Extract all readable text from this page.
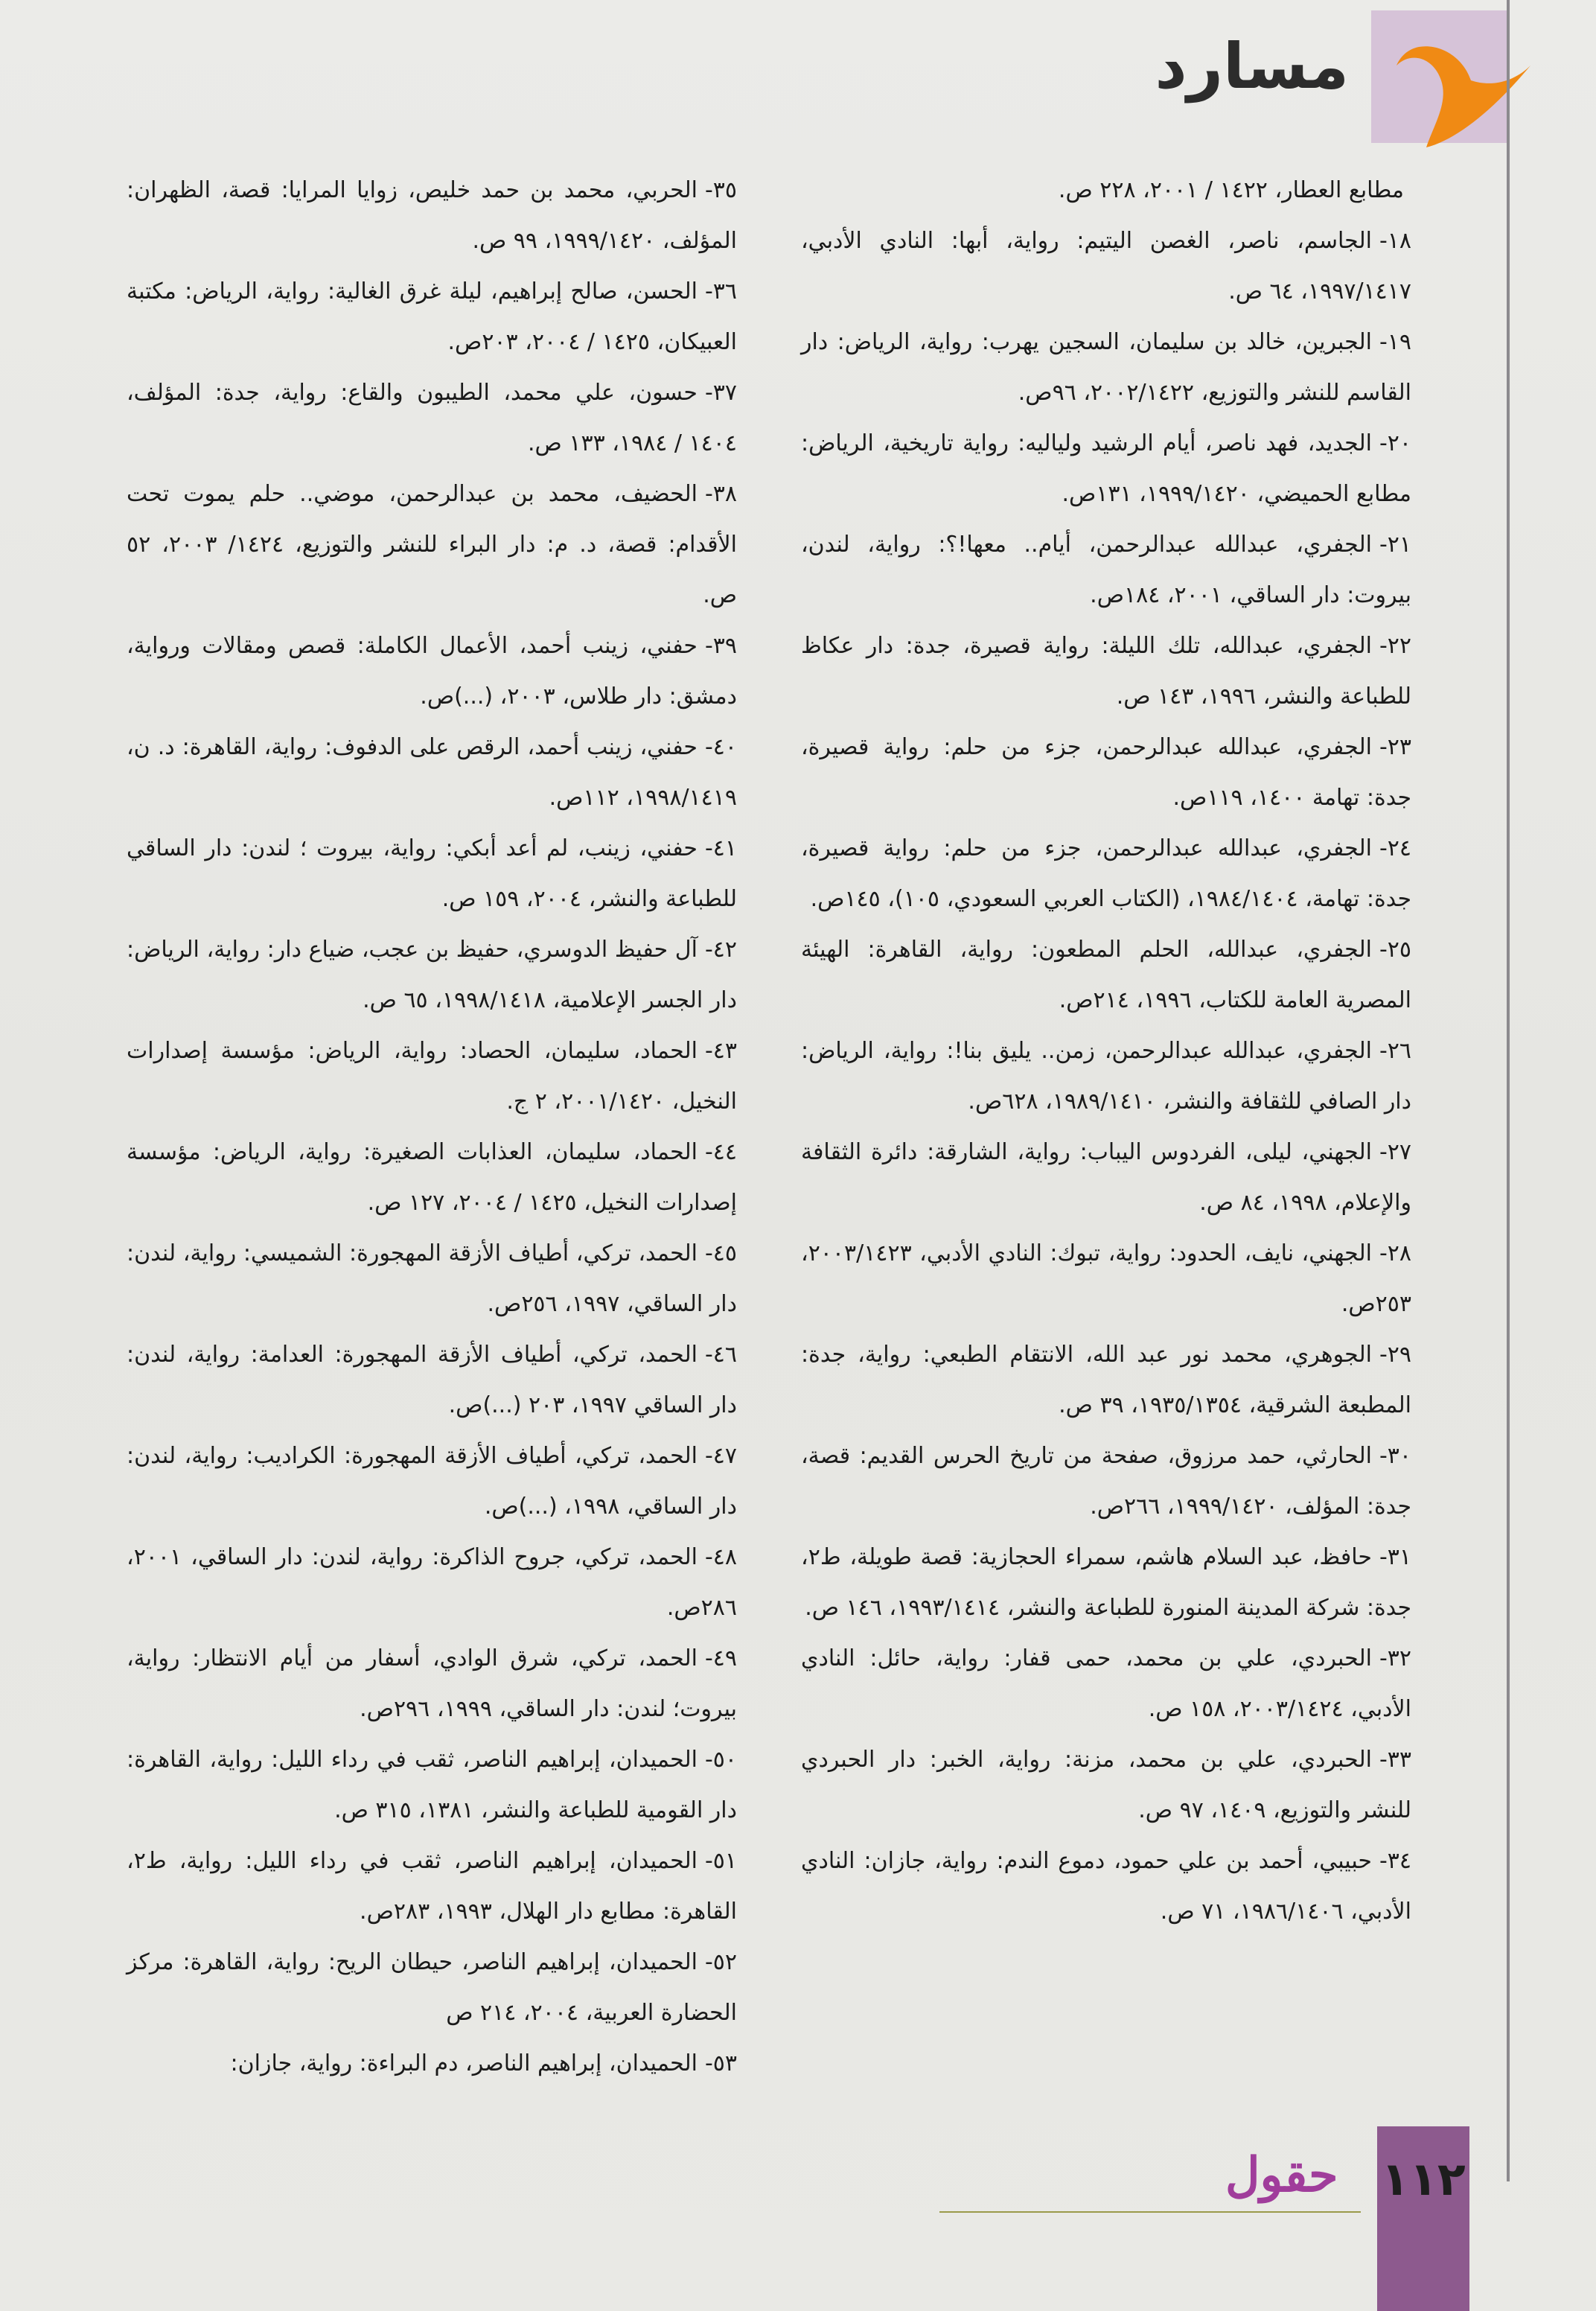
مسارد

مطابع العطار، ١٤٢٢ / ٢٠٠١، ٢٢٨ ص.

١٨-الجاسم، ناصر، الغصن اليتيم: رواية، أبها: النادي الأدبي، ١٩٩٧/١٤١٧، ٦٤ ص.

١٩-الجبرين، خالد بن سليمان، السجين يهرب: رواية، الرياض: دار القاسم للنشر والتوزيع، ٢٠٠٢/١٤٢٢، ٩٦ص.

٢٠-الجديد، فهد ناصر، أيام الرشيد ولياليه: رواية تاريخية، الرياض: مطابع الحميضي، ١٩٩٩/١٤٢٠، ١٣١ص.

٢١-الجفري، عبدالله عبدالرحمن، أيام.. معها!؟: رواية، لندن، بيروت: دار الساقي، ٢٠٠١، ١٨٤ص.

٢٢-الجفري، عبدالله، تلك الليلة: رواية قصيرة، جدة: دار عكاظ للطباعة والنشر، ١٩٩٦، ١٤٣ ص.

٢٣-الجفري، عبدالله عبدالرحمن، جزء من حلم: رواية قصيرة، جدة: تهامة ١٤٠٠، ١١٩ص.

٢٤-الجفري، عبدالله عبدالرحمن، جزء من حلم: رواية قصيرة، جدة: تهامة، ١٩٨٤/١٤٠٤، (الكتاب العربي السعودي، ١٠٥)، ١٤٥ص.

٢٥-الجفري، عبدالله، الحلم المطعون: رواية، القاهرة: الهيئة المصرية العامة للكتاب، ١٩٩٦، ٢١٤ص.

٢٦-الجفري، عبدالله عبدالرحمن، زمن.. يليق بنا!: رواية، الرياض: دار الصافي للثقافة والنشر، ١٩٨٩/١٤١٠، ٦٢٨ص.

٢٧-الجهني، ليلى، الفردوس اليباب: رواية، الشارقة: دائرة الثقافة والإعلام، ١٩٩٨، ٨٤ ص.

٢٨-الجهني، نايف، الحدود: رواية، تبوك: النادي الأدبي، ٢٠٠٣/١٤٢٣، ٢٥٣ص.

٢٩-الجوهري، محمد نور عبد الله، الانتقام الطبعي: رواية، جدة: المطبعة الشرقية، ١٩٣٥/١٣٥٤، ٣٩ ص.

٣٠-الحارثي، حمد مرزوق، صفحة من تاريخ الحرس القديم: قصة، جدة: المؤلف، ١٩٩٩/١٤٢٠، ٢٦٦ص.

٣١-حافظ، عبد السلام هاشم، سمراء الحجازية: قصة طويلة، ط٢، جدة: شركة المدينة المنورة للطباعة والنشر، ١٩٩٣/١٤١٤، ١٤٦ ص.

٣٢-الحبردي، علي بن محمد، حمى قفار: رواية، حائل: النادي الأدبي، ٢٠٠٣/١٤٢٤، ١٥٨ ص.

٣٣-الحبردي، علي بن محمد، مزنة: رواية، الخبر: دار الحبردي للنشر والتوزيع، ١٤٠٩، ٩٧ ص.

٣٤-حبيبي، أحمد بن علي حمود، دموع الندم: رواية، جازان: النادي الأدبي، ١٩٨٦/١٤٠٦، ٧١ ص.

٣٥-الحربي، محمد بن حمد خليص، زوايا المرايا: قصة، الظهران: المؤلف، ١٩٩٩/١٤٢٠، ٩٩ ص.

٣٦-الحسن، صالح إبراهيم، ليلة غرق الغالية: رواية، الرياض: مكتبة العبيكان، ١٤٢٥ / ٢٠٠٤، ٢٠٣ص.

٣٧-حسون، علي محمد، الطيبون والقاع: رواية، جدة: المؤلف، ١٤٠٤ / ١٩٨٤، ١٣٣ ص.

٣٨-الحضيف، محمد بن عبدالرحمن، موضي.. حلم يموت تحت الأقدام: قصة، د. م: دار البراء للنشر والتوزيع، ١٤٢٤/ ٢٠٠٣، ٥٢ ص.

٣٩-حفني، زينب أحمد، الأعمال الكاملة: قصص ومقالات ورواية، دمشق: دار طلاس، ٢٠٠٣، (...)ص.

٤٠-حفني، زينب أحمد، الرقص على الدفوف: رواية، القاهرة: د. ن، ١٩٩٨/١٤١٩، ١١٢ص.

٤١-حفني، زينب، لم أعد أبكي: رواية، بيروت ؛ لندن: دار الساقي للطباعة والنشر، ٢٠٠٤، ١٥٩ ص.

٤٢-آل حفيظ الدوسري، حفيظ بن عجب، ضياع دار: رواية، الرياض: دار الجسر الإعلامية، ١٩٩٨/١٤١٨، ٦٥ ص.

٤٣-الحماد، سليمان، الحصاد: رواية، الرياض: مؤسسة إصدارات النخيل، ٢٠٠١/١٤٢٠، ٢ ج.

٤٤-الحماد، سليمان، العذابات الصغيرة: رواية، الرياض: مؤسسة إصدارات النخيل، ١٤٢٥ / ٢٠٠٤، ١٢٧ ص.

٤٥-الحمد، تركي، أطياف الأزقة المهجورة: الشميسي: رواية، لندن: دار الساقي، ١٩٩٧، ٢٥٦ص.

٤٦-الحمد، تركي، أطياف الأزقة المهجورة: العدامة: رواية، لندن: دار الساقي ١٩٩٧، ٢٠٣ (...)ص.

٤٧-الحمد، تركي، أطياف الأزقة المهجورة: الكراديب: رواية، لندن: دار الساقي، ١٩٩٨، (...)ص.

٤٨-الحمد، تركي، جروح الذاكرة: رواية، لندن: دار الساقي، ٢٠٠١، ٢٨٦ص.

٤٩-الحمد، تركي، شرق الوادي، أسفار من أيام الانتظار: رواية، بيروت؛ لندن: دار الساقي، ١٩٩٩، ٢٩٦ص.

٥٠-الحميدان، إبراهيم الناصر، ثقب في رداء الليل: رواية، القاهرة: دار القومية للطباعة والنشر، ١٣٨١، ٣١٥ ص.

٥١-الحميدان، إبراهيم الناصر، ثقب في رداء الليل: رواية، ط٢، القاهرة: مطابع دار الهلال، ١٩٩٣، ٢٨٣ص.

٥٢-الحميدان، إبراهيم الناصر، حيطان الريح: رواية، القاهرة: مركز الحضارة العربية، ٢٠٠٤، ٢١٤ ص

٥٣-الحميدان، إبراهيم الناصر، دم البراءة: رواية، جازان:

حقول ١١٢
